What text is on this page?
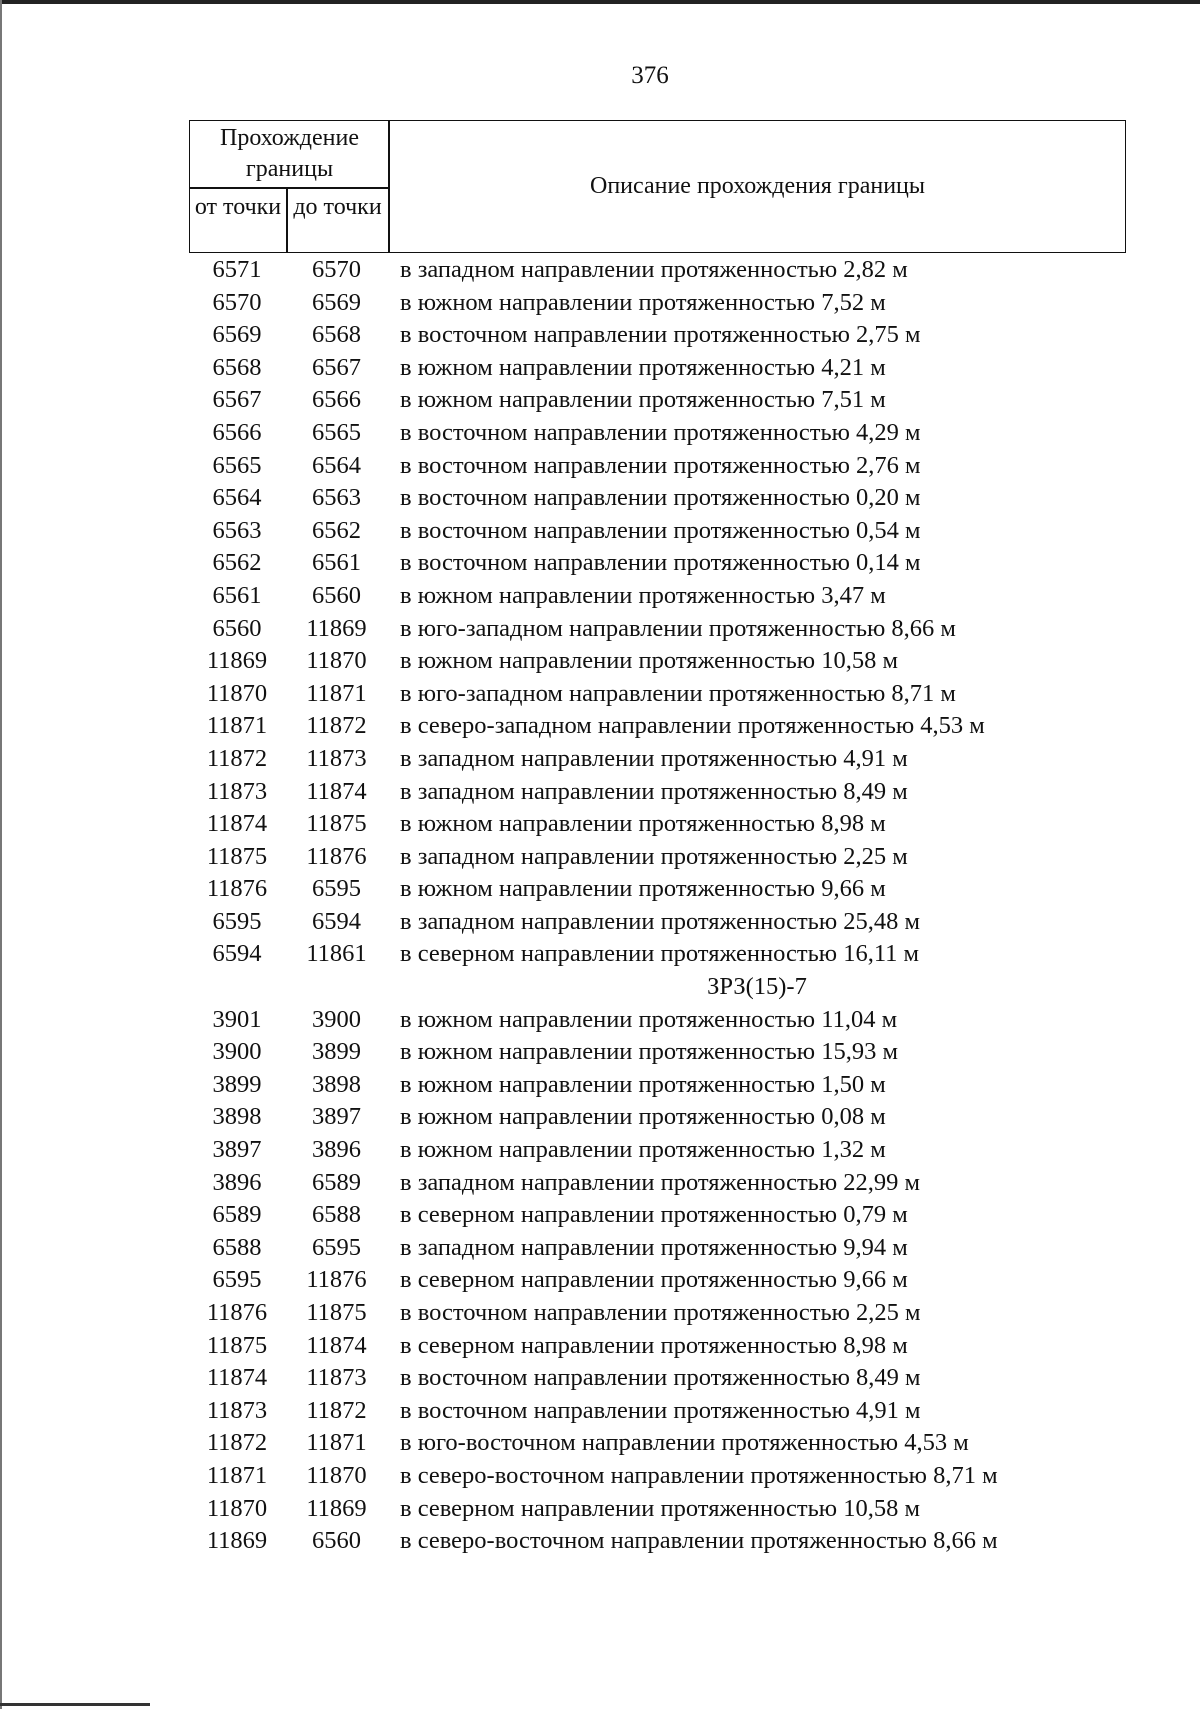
376
Прохождение границы
от точки до точки
Описание прохождения границы
6571	6570	в западном направлении протяженностью 2,82 м
6570	6569	в южном направлении протяженностью 7,52 м
6569	6568	в восточном направлении протяженностью 2,75 м
6568	6567	в южном направлении протяженностью 4,21 м
6567	6566	в южном направлении протяженностью 7,51 м
6566	6565	в восточном направлении протяженностью 4,29 м
6565	6564	в восточном направлении протяженностью 2,76 м
6564	6563	в восточном направлении протяженностью 0,20 м
6563	6562	в восточном направлении протяженностью 0,54 м
6562	6561	в восточном направлении протяженностью 0,14 м
6561	6560	в южном направлении протяженностью 3,47 м
6560	11869	в юго-западном направлении протяженностью 8,66 м
11869	11870	в южном направлении протяженностью 10,58 м
11870	11871	в юго-западном направлении протяженностью 8,71 м
11871	11872	в северо-западном направлении протяженностью 4,53 м
11872	11873	в западном направлении протяженностью 4,91 м
11873	11874	в западном направлении протяженностью 8,49 м
11874	11875	в южном направлении протяженностью 8,98 м
11875	11876	в западном направлении протяженностью 2,25 м
11876	6595	в южном направлении протяженностью 9,66 м
6595	6594	в западном направлении протяженностью 25,48 м
6594	11861	в северном направлении протяженностью 16,11 м
ЗРЗ(15)-7
3901	3900	в южном направлении протяженностью 11,04 м
3900	3899	в южном направлении протяженностью 15,93 м
3899	3898	в южном направлении протяженностью 1,50 м
3898	3897	в южном направлении протяженностью 0,08 м
3897	3896	в южном направлении протяженностью 1,32 м
3896	6589	в западном направлении протяженностью 22,99 м
6589	6588	в северном направлении протяженностью 0,79 м
6588	6595	в западном направлении протяженностью 9,94 м
6595	11876	в северном направлении протяженностью 9,66 м
11876	11875	в восточном направлении протяженностью 2,25 м
11875	11874	в северном направлении протяженностью 8,98 м
11874	11873	в восточном направлении протяженностью 8,49 м
11873	11872	в восточном направлении протяженностью 4,91 м
11872	11871	в юго-восточном направлении протяженностью 4,53 м
11871	11870	в северо-восточном направлении протяженностью 8,71 м
11870	11869	в северном направлении протяженностью 10,58 м
11869	6560	в северо-восточном направлении протяженностью 8,66 м
